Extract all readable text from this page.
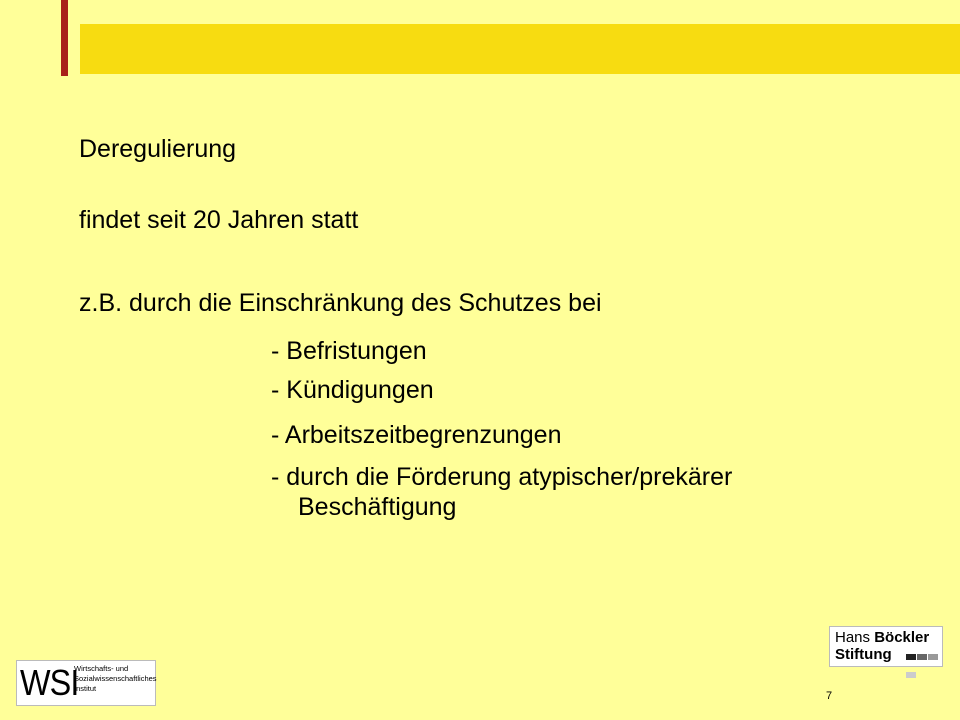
Deregulierung
findet seit 20 Jahren statt
z.B. durch die Einschränkung des Schutzes bei
- Befristungen
- Kündigungen
- Arbeitszeitbegrenzungen
- durch die Förderung atypischer/prekärer
Beschäftigung
Hans Böckler
Stiftung
WSI
Wirtschafts- und
Sozialwissenschaftliches
Institut
7
